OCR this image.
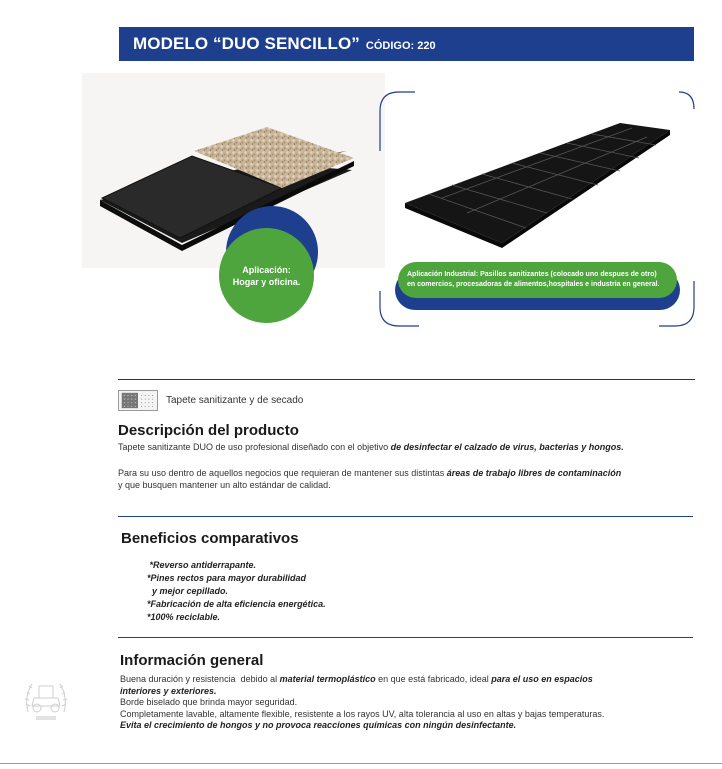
MODELO “DUO SENCILLO” CÓDIGO: 220
Aplicación:
Hogar y oficina.
Aplicación Industrial: Pasillos sanitizantes (colocado uno despues de otro)
en comercios, procesadoras de alimentos,hospitales e industria en general.
Tapete sanitizante y de secado
Descripción del producto
Tapete sanitizante DUO de uso profesional diseñado con el objetivo de desinfectar el calzado de virus, bacterias y hongos.
Para su uso dentro de aquellos negocios que requieran de mantener sus distintas áreas de trabajo libres de contaminación
y que busquen mantener un alto estándar de calidad.
Beneficios comparativos
*Reverso antiderrapante.
*Pines rectos para mayor durabilidad
y mejor cepillado.
*Fabricación de alta eficiencia energética.
*100% reciclable.
Información general
Buena duración y resistencia  debido al material termoplástico en que está fabricado, ideal para el uso en espacios
interiores y exteriores.
Borde biselado que brinda mayor seguridad.
Completamente lavable, altamente flexible, resistente a los rayos UV, alta tolerancia al uso en altas y bajas temperaturas.
Evita el crecimiento de hongos y no provoca reacciones químicas con ningún desinfectante.
